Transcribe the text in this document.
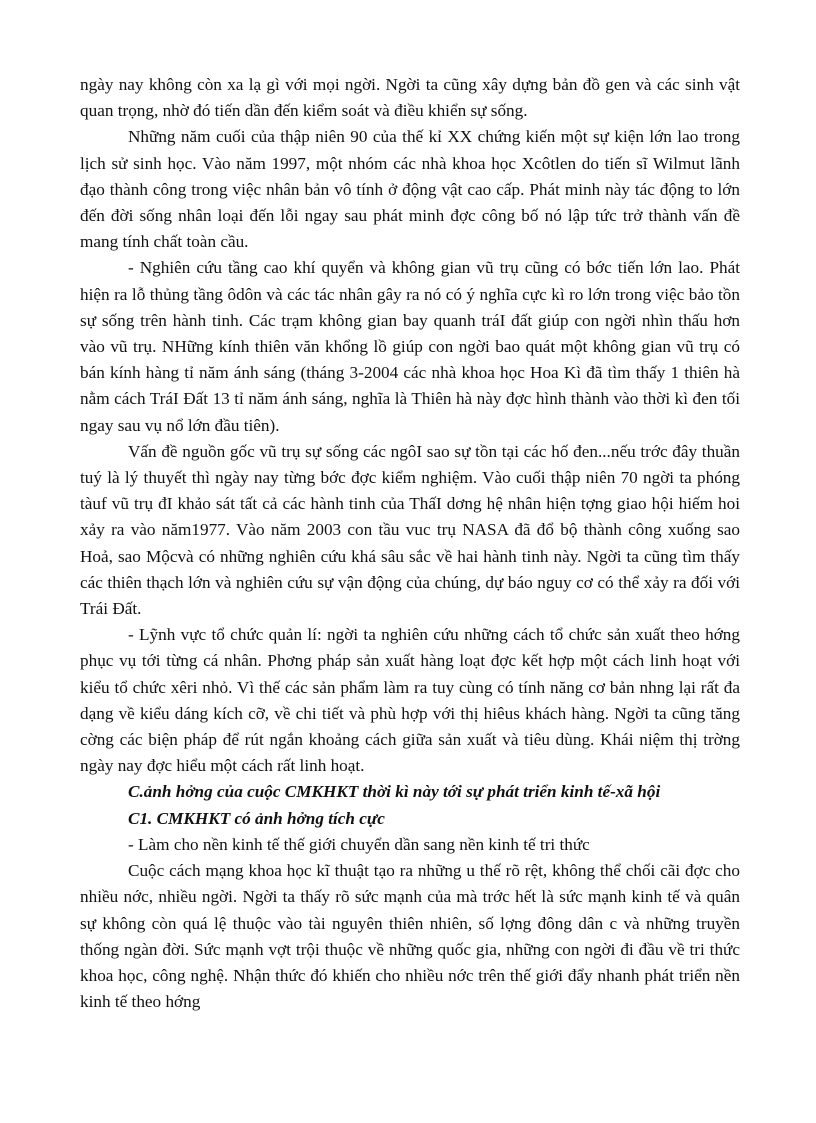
ngày nay không còn xa lạ gì với mọi ngời. Ngời ta cũng xây dựng bản đồ gen và các sinh vật quan trọng, nhờ đó tiến dần đến kiểm soát và điều khiển sự sống.

Những năm cuối của thập niên 90 của thế kỉ XX chứng kiến một sự kiện lớn lao trong lịch sử sinh học. Vào năm 1997, một nhóm các nhà khoa học Xcôtlen do tiến sĩ Wilmut lãnh đạo thành công trong việc nhân bản vô tính ở động vật cao cấp. Phát minh này tác động to lớn đến đời sống nhân loại đến lỗi ngay sau phát minh đợc công bố nó lập tức trở thành vấn đề mang tính chất toàn cầu.

- Nghiên cứu tầng cao khí quyển và không gian vũ trụ cũng có bớc tiến lớn lao. Phát hiện ra lỗ thủng tầng ôdôn và các tác nhân gây ra nó có ý nghĩa cực kì ro lớn trong việc bảo tồn sự sống trên hành tinh. Các trạm không gian bay quanh tráI đất giúp con ngời nhìn thấu hơn vào vũ trụ. NHững kính thiên văn khổng lồ giúp con ngời bao quát một không gian vũ trụ có bán kính hàng tỉ năm ánh sáng (tháng 3-2004 các nhà khoa học Hoa Kì đã tìm thấy 1 thiên hà nằm cách TráI Đất 13 tỉ năm ánh sáng, nghĩa là Thiên hà này đợc hình thành vào thời kì đen tối ngay sau vụ nổ lớn đầu tiên).

Vấn đề nguồn gốc vũ trụ sự sống các ngôI sao sự tồn tại các hố đen...nếu trớc đây thuần tuý là lý thuyết thì ngày nay từng bớc đợc kiểm nghiệm. Vào cuối thập niên 70 ngời ta phóng tàuf vũ trụ đI khảo sát tất cả các hành tinh của ThấI dơng hệ nhân hiện tợng giao hội hiếm hoi xảy ra vào năm1977. Vào năm 2003 con tầu vuc trụ NASA đã đổ bộ thành công xuống sao Hoả, sao Mộcvà có những nghiên cứu khá sâu sắc về hai hành tinh này. Ngời ta cũng tìm thấy các thiên thạch lớn và nghiên cứu sự vận động của chúng, dự báo nguy cơ có thể xảy ra đối với Trái Đất.

- Lỹnh vực tổ chức quản lí: ngời ta nghiên cứu những cách tổ chức sản xuất theo hớng phục vụ tới từng cá nhân. Phơng pháp sản xuất hàng loạt đợc kết hợp một cách linh hoạt với kiểu tổ chức xêri nhỏ. Vì thế các sản phẩm làm ra tuy cùng có tính năng cơ bản nhng lại rất đa dạng về kiểu dáng kích cỡ, về chi tiết và phù hợp với thị hiêus khách hàng. Ngời ta cũng tăng cờng các biện pháp để rút ngắn khoảng cách giữa sản xuất và tiêu dùng. Khái niệm thị trờng ngày nay đợc hiểu một cách rất linh hoạt.

C.ảnh hởng của cuộc CMKHKT thời kì này tới sự phát triển kinh tế-xã hội

C1. CMKHKT có ảnh hởng tích cực

- Làm cho nền kinh tế thế giới chuyển dần sang nền kinh tế tri thức

Cuộc cách mạng khoa học kĩ thuật tạo ra những u thế rõ rệt, không thể chối cãi đợc cho nhiều nớc, nhiều ngời. Ngời ta thấy rõ sức mạnh của mà trớc hết là sức mạnh kinh tế và quân sự không còn quá lệ thuộc vào tài nguyên thiên nhiên, số lợng đông dân c và những truyền thống ngàn đời. Sức mạnh vợt trội thuộc về những quốc gia, những con ngời đi đầu về tri thức khoa học, công nghệ. Nhận thức đó khiến cho nhiều nớc trên thế giới đẩy nhanh phát triển nền kinh tế theo hớng
